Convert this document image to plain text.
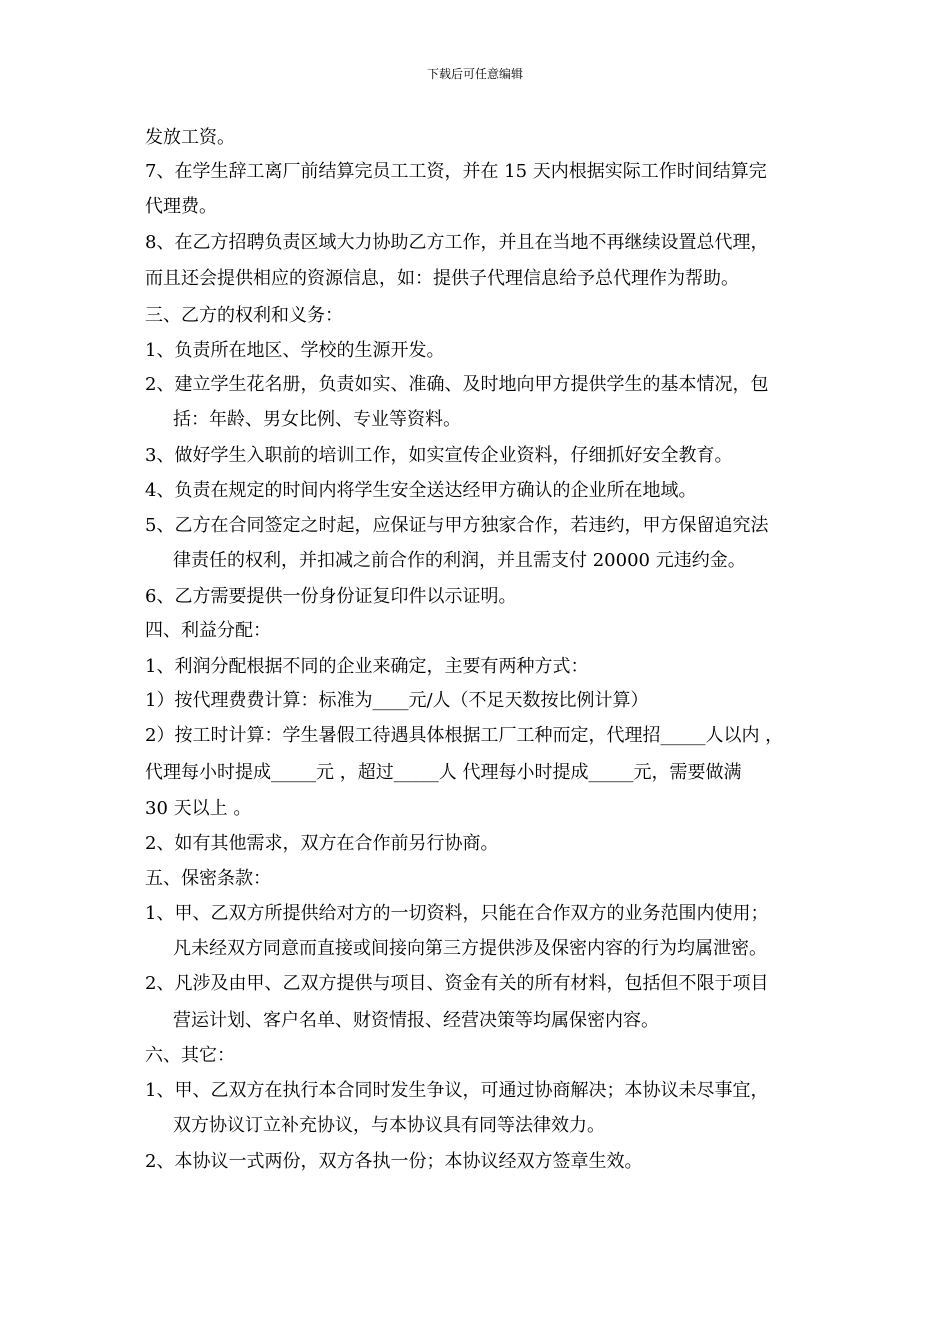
下载后可任意编辑
发放工资。
7、在学生辞工离厂前结算完员工工资，并在 15 天内根据实际工作时间结算完
代理费。
8、在乙方招聘负责区域大力协助乙方工作，并且在当地不再继续设置总代理，
而且还会提供相应的资源信息，如：提供子代理信息给予总代理作为帮助。
三、乙方的权利和义务：
1、负责所在地区、学校的生源开发。
2、建立学生花名册，负责如实、准确、及时地向甲方提供学生的基本情况，包
括：年龄、男女比例、专业等资料。
3、做好学生入职前的培训工作，如实宣传企业资料，仔细抓好安全教育。
4、负责在规定的时间内将学生安全送达经甲方确认的企业所在地域。
5、乙方在合同签定之时起，应保证与甲方独家合作，若违约，甲方保留追究法
律责任的权利，并扣减之前合作的利润，并且需支付 20000 元违约金。
6、乙方需要提供一份身份证复印件以示证明。
四、利益分配：
1、利润分配根据不同的企业来确定，主要有两种方式：
1）按代理费费计算：标准为____元/人（不足天数按比例计算）
2）按工时计算：学生暑假工待遇具体根据工厂工种而定，代理招_____人以内 ，
代理每小时提成_____元 ，超过_____人 代理每小时提成_____元，需要做满
30 天以上 。
2、如有其他需求，双方在合作前另行协商。
五、保密条款：
1、甲、乙双方所提供给对方的一切资料，只能在合作双方的业务范围内使用；
凡未经双方同意而直接或间接向第三方提供涉及保密内容的行为均属泄密。
2、凡涉及由甲、乙双方提供与项目、资金有关的所有材料，包括但不限于项目
营运计划、客户名单、财资情报、经营决策等均属保密内容。
六、其它：
1、甲、乙双方在执行本合同时发生争议，可通过协商解决；本协议未尽事宜，
双方协议订立补充协议，与本协议具有同等法律效力。
2、本协议一式两份，双方各执一份；本协议经双方签章生效。
